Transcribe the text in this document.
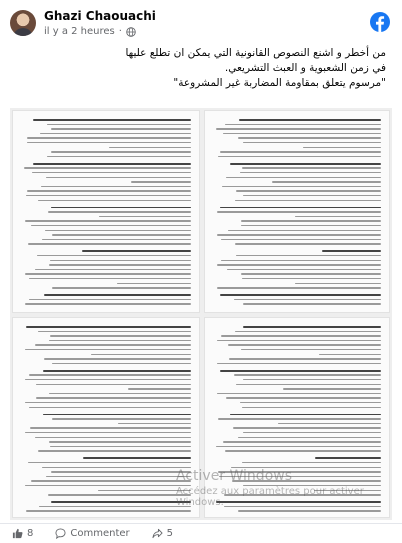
Ghazi Chaouachi
il y a 2 heures ·
من أخطر و اشنع النصوص القانونية التي يمكن ان تطلع عليها
في زمن الشعبوية و العبث التشريعي.
"مرسوم يتعلق بمقاومة المضاربة غير المشروعة"
Activer Windows
Accédez aux paramètres pour activer Windows.
8	Commenter	5
